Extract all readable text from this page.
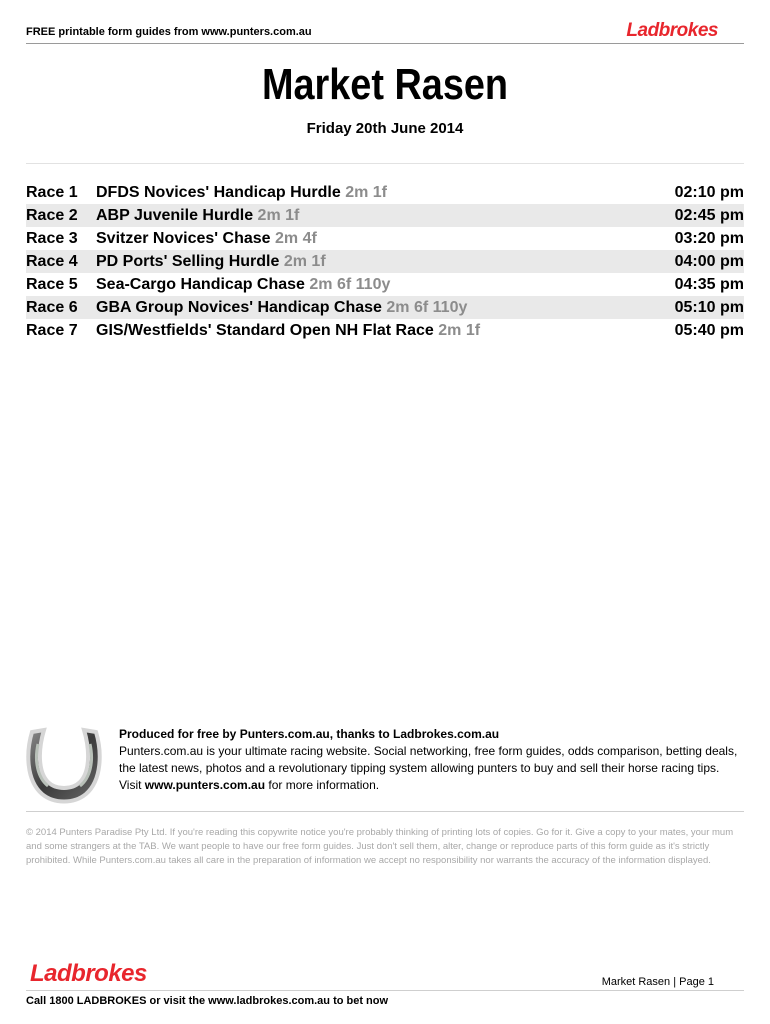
FREE printable form guides from www.punters.com.au	Ladbrokes
Market Rasen
Friday 20th June 2014
Race 1	DFDS Novices' Handicap Hurdle 2m 1f	02:10 pm
Race 2	ABP Juvenile Hurdle 2m 1f	02:45 pm
Race 3	Svitzer Novices' Chase 2m 4f	03:20 pm
Race 4	PD Ports' Selling Hurdle 2m 1f	04:00 pm
Race 5	Sea-Cargo Handicap Chase 2m 6f 110y	04:35 pm
Race 6	GBA Group Novices' Handicap Chase 2m 6f 110y	05:10 pm
Race 7	GIS/Westfields' Standard Open NH Flat Race 2m 1f	05:40 pm
Produced for free by Punters.com.au, thanks to Ladbrokes.com.au
Punters.com.au is your ultimate racing website. Social networking, free form guides, odds comparison, betting deals, the latest news, photos and a revolutionary tipping system allowing punters to buy and sell their horse racing tips.
Visit www.punters.com.au for more information.
© 2014 Punters Paradise Pty Ltd. If you're reading this copywrite notice you're probably thinking of printing lots of copies. Go for it. Give a copy to your mates, your mum and some strangers at the TAB. We want people to have our free form guides. Just don't sell them, alter, change or reproduce parts of this form guide as it's strictly prohibited. While Punters.com.au takes all care in the preparation of information we accept no responsibility nor warrants the accuracy of the information displayed.
Ladbrokes	Market Rasen | Page 1
Call 1800 LADBROKES or visit the www.ladbrokes.com.au to bet now
